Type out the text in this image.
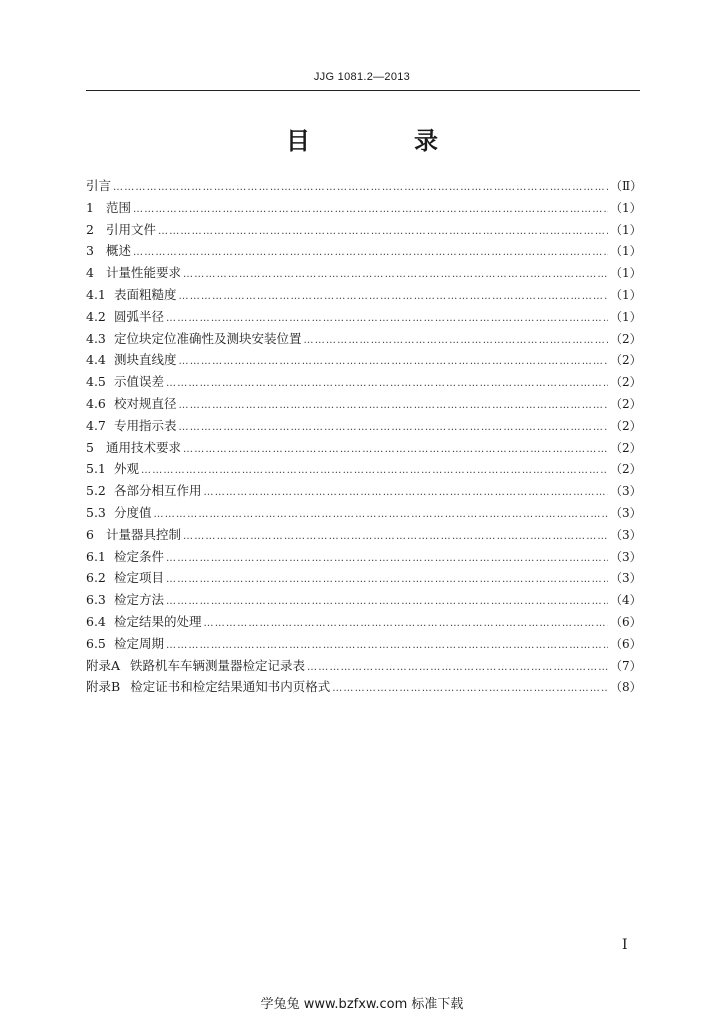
JJG 1081.2—2013
目　录
引言 …………………………………………………………………………………………………………………………………………………………………………………………………………	（Ⅱ）
1 范围 …………………………………………………………………………………………………………………………………………………………………………………………………………	（1）
2 引用文件 …………………………………………………………………………………………………………………………………………………………………………………………………………	（1）
3 概述 …………………………………………………………………………………………………………………………………………………………………………………………………………	（1）
4 计量性能要求 …………………………………………………………………………………………………………………………………………………………………………………………………………	（1）
4.1 表面粗糙度 …………………………………………………………………………………………………………………………………………………………………………………………………………	（1）
4.2 圆弧半径 …………………………………………………………………………………………………………………………………………………………………………………………………………	（1）
4.3 定位块定位准确性及测块安装位置 …………………………………………………………………………………………………………………………………………………………………………………………………………	（2）
4.4 测块直线度 …………………………………………………………………………………………………………………………………………………………………………………………………………	（2）
4.5 示值误差 …………………………………………………………………………………………………………………………………………………………………………………………………………	（2）
4.6 校对规直径 …………………………………………………………………………………………………………………………………………………………………………………………………………	（2）
4.7 专用指示表 …………………………………………………………………………………………………………………………………………………………………………………………………………	（2）
5 通用技术要求 …………………………………………………………………………………………………………………………………………………………………………………………………………	（2）
5.1 外观 …………………………………………………………………………………………………………………………………………………………………………………………………………	（2）
5.2 各部分相互作用 …………………………………………………………………………………………………………………………………………………………………………………………………………	（3）
5.3 分度值 …………………………………………………………………………………………………………………………………………………………………………………………………………	（3）
6 计量器具控制 …………………………………………………………………………………………………………………………………………………………………………………………………………	（3）
6.1 检定条件 …………………………………………………………………………………………………………………………………………………………………………………………………………	（3）
6.2 检定项目 …………………………………………………………………………………………………………………………………………………………………………………………………………	（3）
6.3 检定方法 …………………………………………………………………………………………………………………………………………………………………………………………………………	（4）
6.4 检定结果的处理 …………………………………………………………………………………………………………………………………………………………………………………………………………	（6）
6.5 检定周期 …………………………………………………………………………………………………………………………………………………………………………………………………………	（6）
附录A 铁路机车车辆测量器检定记录表 …………………………………………………………………………………………………………………………………………………………………………………………………………	（7）
附录B 检定证书和检定结果通知书内页格式 …………………………………………………………………………………………………………………………………………………………………………………………………………	（8）
I
学兔兔 www.bzfxw.com 标准下载
